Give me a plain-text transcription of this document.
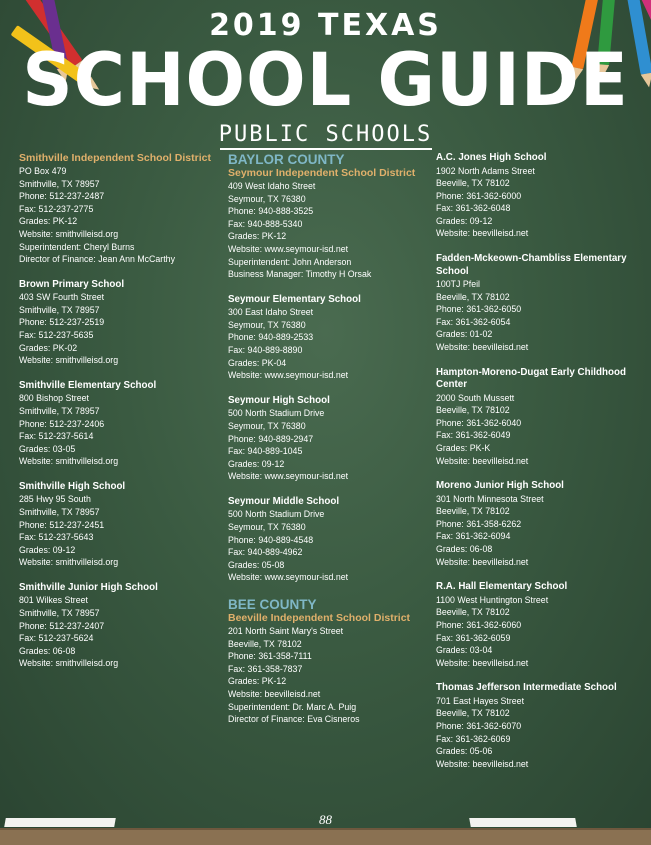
2019 TEXAS
SCHOOL GUIDE
PUBLIC SCHOOLS
Smithville Independent School District
PO Box 479
Smithville, TX 78957
Phone: 512-237-2487
Fax: 512-237-2775
Grades: PK-12
Website: smithvilleisd.org
Superintendent: Cheryl Burns
Director of Finance: Jean Ann McCarthy
Brown Primary School
403 SW Fourth Street
Smithville, TX 78957
Phone: 512-237-2519
Fax: 512-237-5635
Grades: PK-02
Website: smithvilleisd.org
Smithville Elementary School
800 Bishop Street
Smithville, TX 78957
Phone: 512-237-2406
Fax: 512-237-5614
Grades: 03-05
Website: smithvilleisd.org
Smithville High School
285 Hwy 95 South
Smithville, TX 78957
Phone: 512-237-2451
Fax: 512-237-5643
Grades: 09-12
Website: smithvilleisd.org
Smithville Junior High School
801 Wilkes Street
Smithville, TX 78957
Phone: 512-237-2407
Fax: 512-237-5624
Grades: 06-08
Website: smithvilleisd.org
BAYLOR COUNTY
Seymour Independent School District
409 West Idaho Street
Seymour, TX 76380
Phone: 940-888-3525
Fax: 940-888-5340
Grades: PK-12
Website: www.seymour-isd.net
Superintendent: John Anderson
Business Manager: Timothy H Orsak
Seymour Elementary School
300 East Idaho Street
Seymour, TX 76380
Phone: 940-889-2533
Fax: 940-889-8890
Grades: PK-04
Website: www.seymour-isd.net
Seymour High School
500 North Stadium Drive
Seymour, TX 76380
Phone: 940-889-2947
Fax: 940-889-1045
Grades: 09-12
Website: www.seymour-isd.net
Seymour Middle School
500 North Stadium Drive
Seymour, TX 76380
Phone: 940-889-4548
Fax: 940-889-4962
Grades: 05-08
Website: www.seymour-isd.net
BEE COUNTY
Beeville Independent School District
201 North Saint Mary's Street
Beeville, TX 78102
Phone: 361-358-7111
Fax: 361-358-7837
Grades: PK-12
Website: beevilleisd.net
Superintendent: Dr. Marc A. Puig
Director of Finance: Eva Cisneros
A.C. Jones High School
1902 North Adams Street
Beeville, TX 78102
Phone: 361-362-6000
Fax: 361-362-6048
Grades: 09-12
Website: beevilleisd.net
Fadden-Mckeown-Chambliss Elementary School
100TJ Pfeil
Beeville, TX 78102
Phone: 361-362-6050
Fax: 361-362-6054
Grades: 01-02
Website: beevilleisd.net
Hampton-Moreno-Dugat Early Childhood Center
2000 South Mussett
Beeville, TX 78102
Phone: 361-362-6040
Fax: 361-362-6049
Grades: PK-K
Website: beevilleisd.net
Moreno Junior High School
301 North Minnesota Street
Beeville, TX 78102
Phone: 361-358-6262
Fax: 361-362-6094
Grades: 06-08
Website: beevilleisd.net
R.A. Hall Elementary School
1100 West Huntington Street
Beeville, TX 78102
Phone: 361-362-6060
Fax: 361-362-6059
Grades: 03-04
Website: beevilleisd.net
Thomas Jefferson Intermediate School
701 East Hayes Street
Beeville, TX 78102
Phone: 361-362-6070
Fax: 361-362-6069
Grades: 05-06
Website: beevilleisd.net
88
